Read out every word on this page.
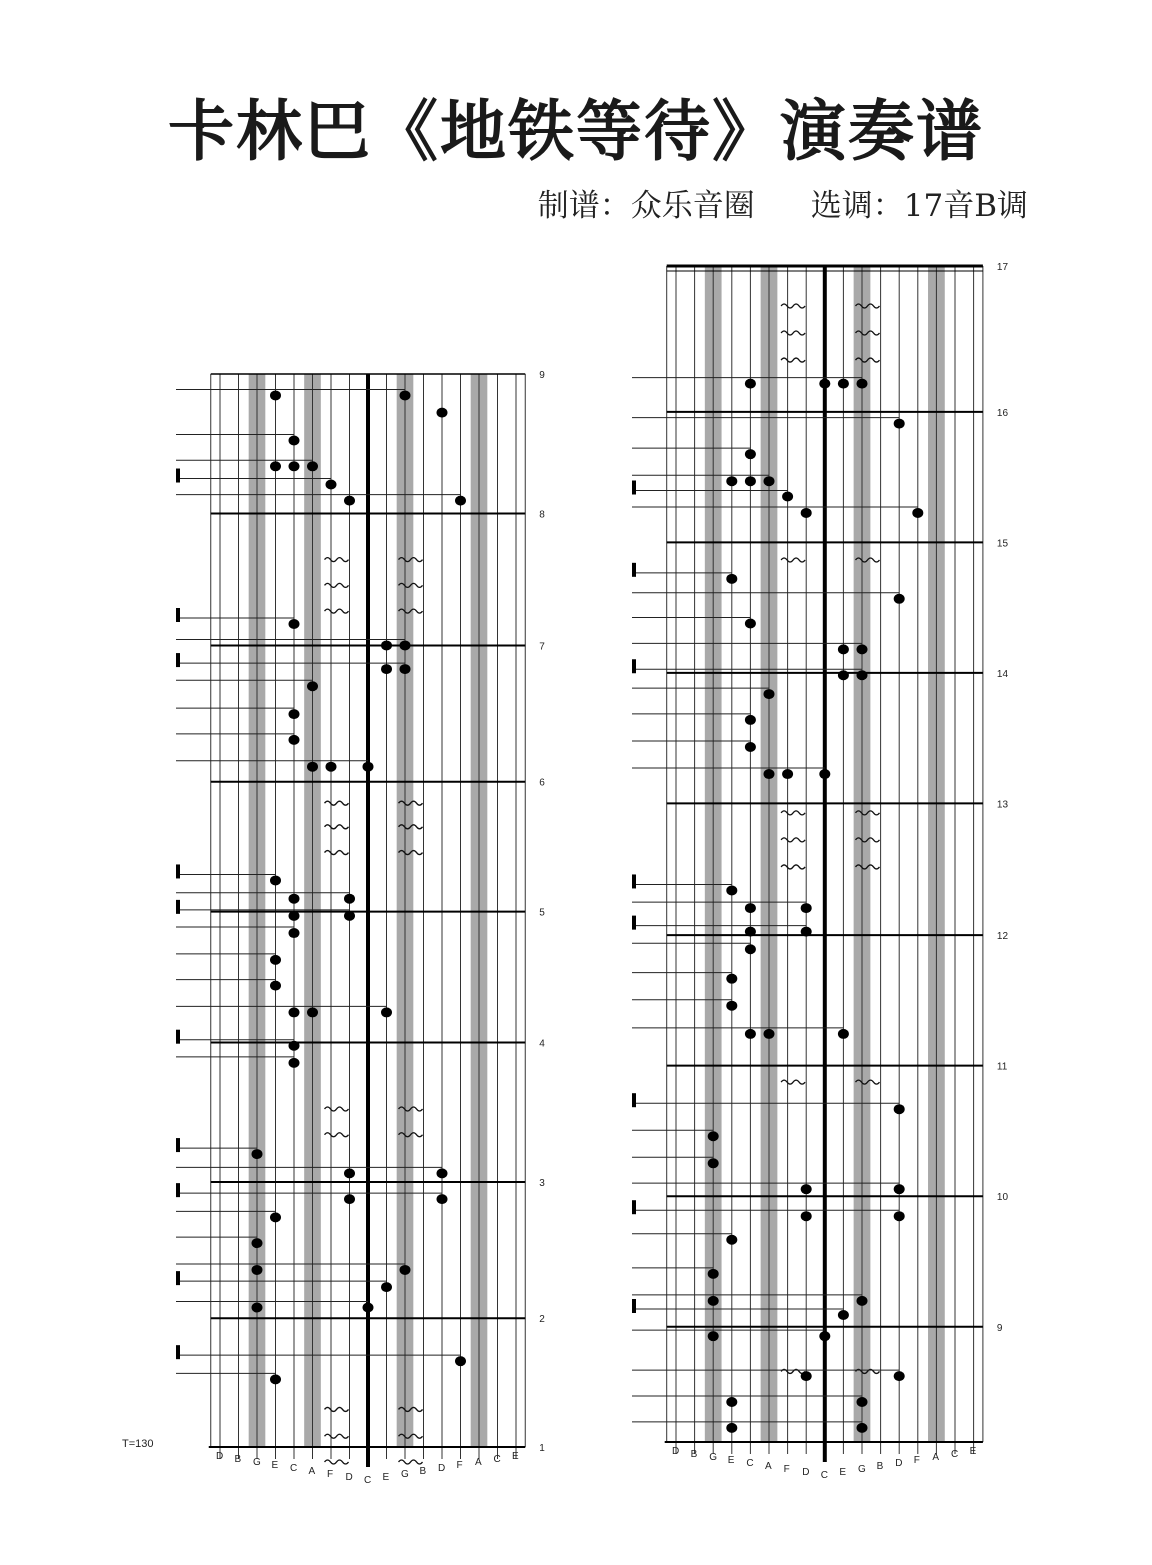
卡林巴《地铁等待》演奏谱
制谱：众乐音圈 选调：17音B调
T=130	1
2
3
4
5
6
7
8
9
D B G E C A F D C E G B D F A C E
9
10
11
12
13
14
15
16
17
D B G E C A F D C E G B D F A C E
